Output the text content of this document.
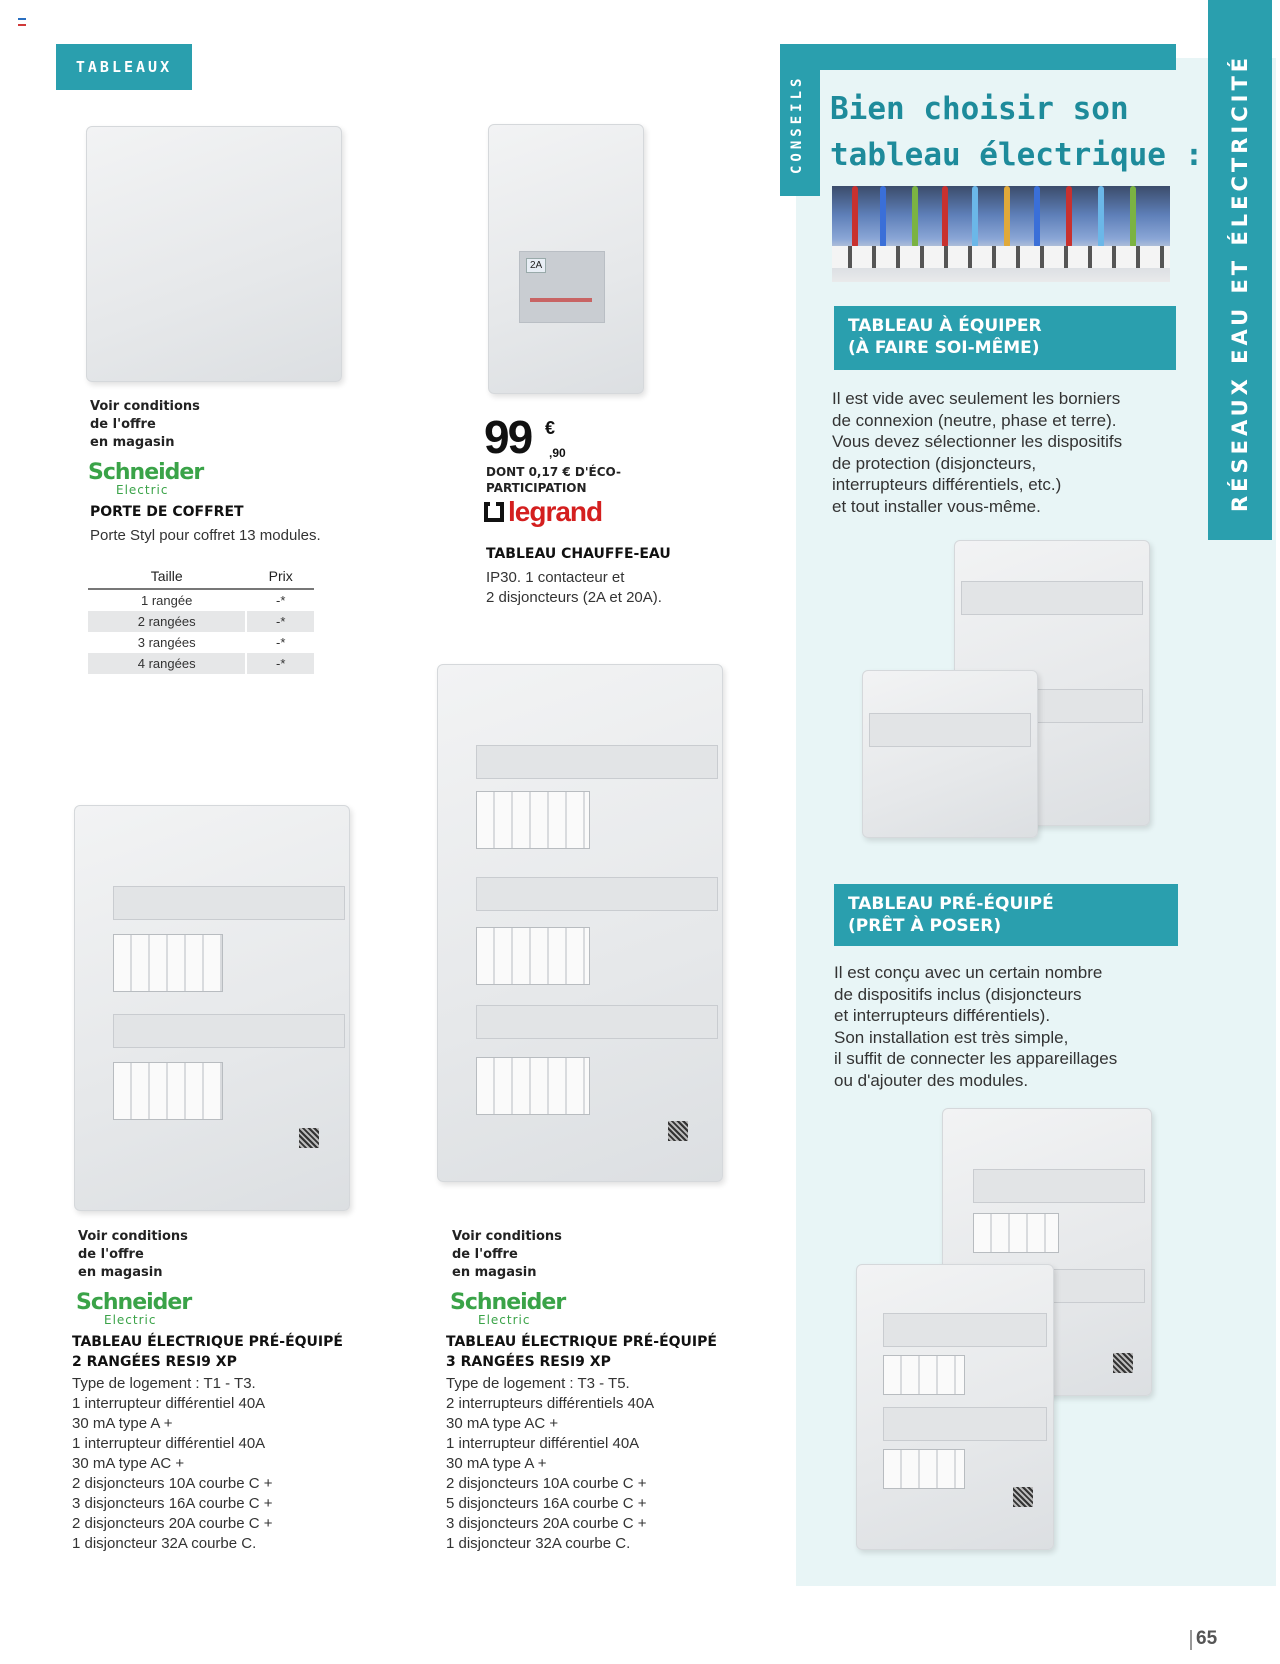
TABLEAUX
Voir conditions
de l'offre
en magasin
Schneider
Electric
PORTE DE COFFRET
Porte Styl pour coffret 13 modules.
Taille	Prix
1 rangée	-*
2 rangées	-*
3 rangées	-*
4 rangées	-*
2A
99 €
,90
DONT 0,17 € D'ÉCO-
PARTICIPATION
legrand
TABLEAU CHAUFFE-EAU
IP30. 1 contacteur et
2 disjoncteurs (2A et 20A).
Voir conditions
de l'offre
en magasin
Schneider
Electric
TABLEAU ÉLECTRIQUE PRÉ-ÉQUIPÉ
2 RANGÉES RESI9 XP
Type de logement : T1 - T3.
1 interrupteur différentiel 40A
30 mA type A +
1 interrupteur différentiel 40A
30 mA type AC +
2 disjoncteurs 10A courbe C +
3 disjoncteurs 16A courbe C +
2 disjoncteurs 20A courbe C +
1 disjoncteur 32A courbe C.
Voir conditions
de l'offre
en magasin
Schneider
Electric
TABLEAU ÉLECTRIQUE PRÉ-ÉQUIPÉ
3 RANGÉES RESI9 XP
Type de logement : T3 - T5.
2 interrupteurs différentiels 40A
30 mA type AC +
1 interrupteur différentiel 40A
30 mA type A +
2 disjoncteurs 10A courbe C +
5 disjoncteurs 16A courbe C +
3 disjoncteurs 20A courbe C +
1 disjoncteur 32A courbe C.
CONSEILS Bien choisir son
tableau électrique :
TABLEAU À ÉQUIPER
(À FAIRE SOI-MÊME)
Il est vide avec seulement les borniers
de connexion (neutre, phase et terre).
Vous devez sélectionner les dispositifs
de protection (disjoncteurs,
interrupteurs différentiels, etc.)
et tout installer vous-même.
TABLEAU PRÉ-ÉQUIPÉ
(PRÊT À POSER)
Il est conçu avec un certain nombre
de dispositifs inclus (disjoncteurs
et interrupteurs différentiels).
Son installation est très simple,
il suffit de connecter les appareillages
ou d'ajouter des modules.
RÉSEAUX EAU ET ÉLECTRICITÉ
65
